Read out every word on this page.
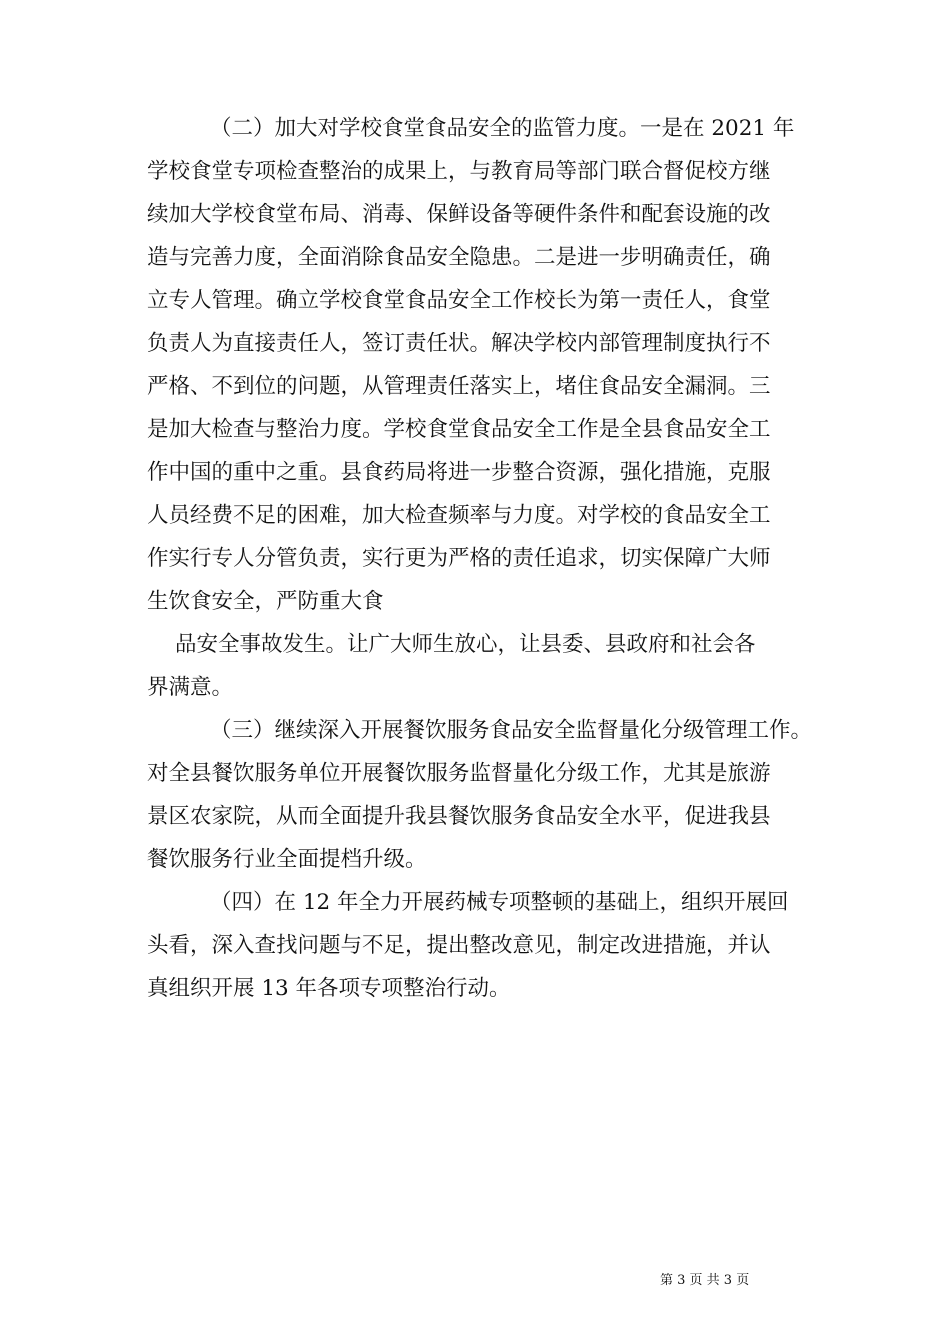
（二）加大对学校食堂食品安全的监管力度。一是在 2021 年
学校食堂专项检查整治的成果上，与教育局等部门联合督促校方继
续加大学校食堂布局、消毒、保鲜设备等硬件条件和配套设施的改
造与完善力度，全面消除食品安全隐患。二是进一步明确责任，确
立专人管理。确立学校食堂食品安全工作校长为第一责任人，食堂
负责人为直接责任人，签订责任状。解决学校内部管理制度执行不
严格、不到位的问题，从管理责任落实上，堵住食品安全漏洞。三
是加大检查与整治力度。学校食堂食品安全工作是全县食品安全工
作中国的重中之重。县食药局将进一步整合资源，强化措施，克服
人员经费不足的困难，加大检查频率与力度。对学校的食品安全工
作实行专人分管负责，实行更为严格的责任追求，切实保障广大师
生饮食安全，严防重大食
品安全事故发生。让广大师生放心，让县委、县政府和社会各
界满意。
（三）继续深入开展餐饮服务食品安全监督量化分级管理工作。
对全县餐饮服务单位开展餐饮服务监督量化分级工作，尤其是旅游
景区农家院，从而全面提升我县餐饮服务食品安全水平，促进我县
餐饮服务行业全面提档升级。
（四）在 12 年全力开展药械专项整顿的基础上，组织开展回
头看，深入查找问题与不足，提出整改意见，制定改进措施，并认
真组织开展 13 年各项专项整治行动。
第 3 页 共 3 页
